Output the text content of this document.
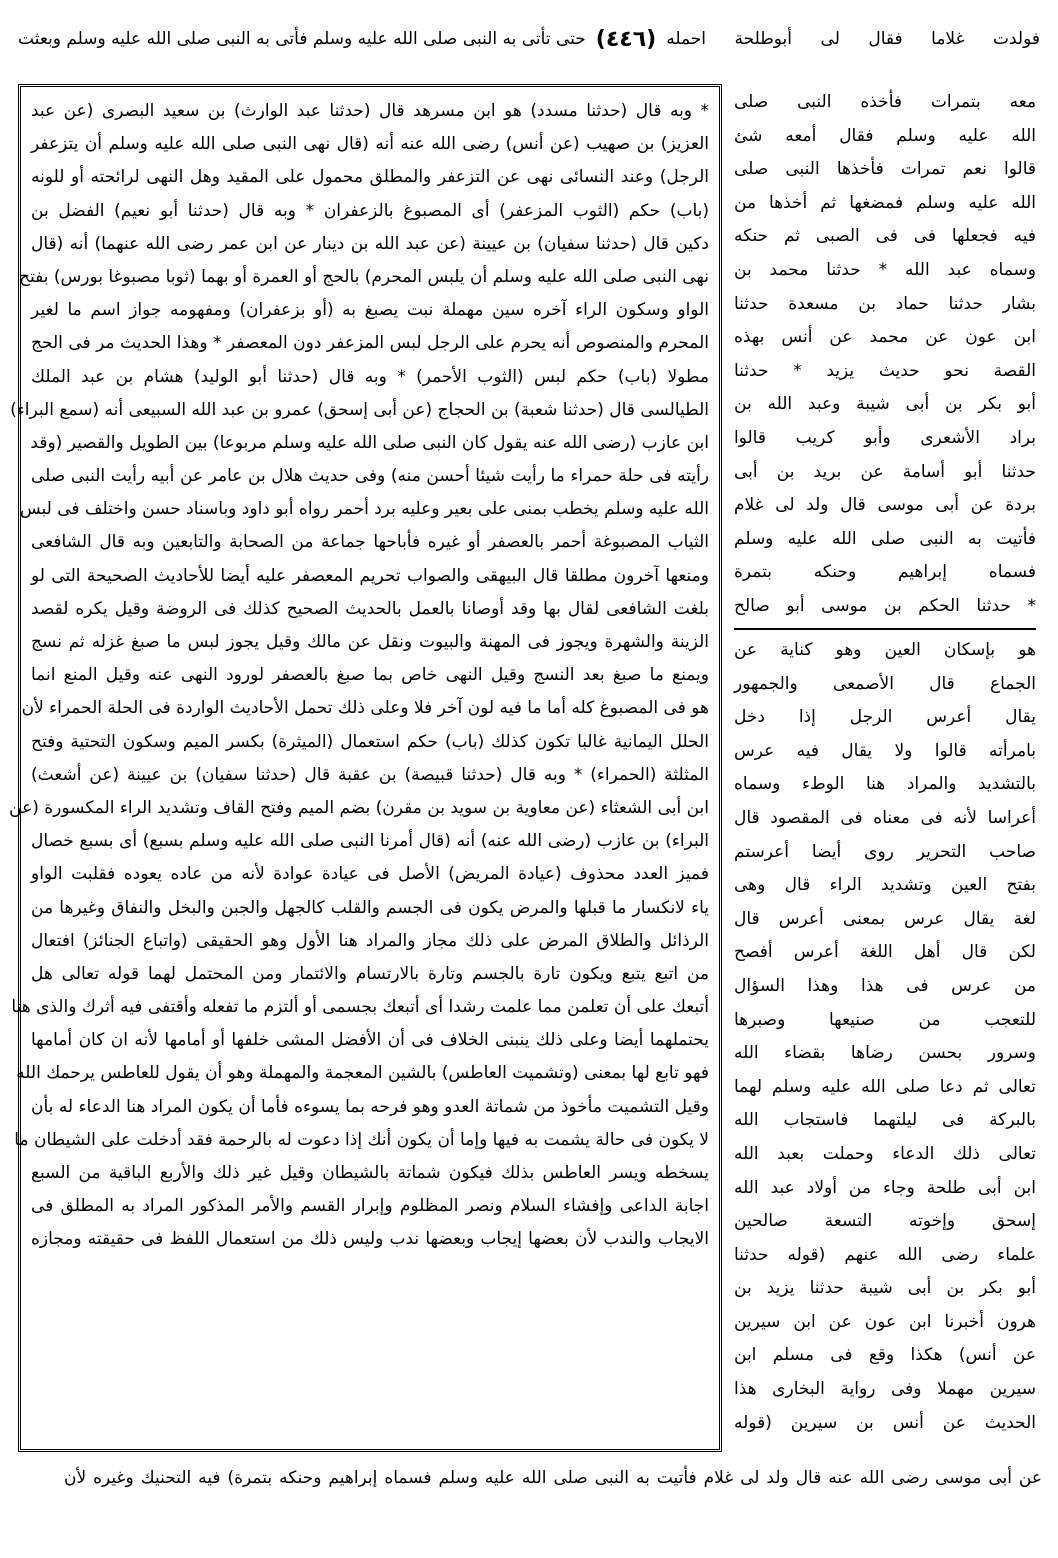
فولدت غلاما فقال لى أبوطلحة احمله
(٤٤٦)
حتى تأتى به النبى صلى الله عليه وسلم فأتى به النبى صلى الله عليه وسلم وبعثت
* وبه قال (حدثنا مسدد) هو ابن مسرهد قال (حدثنا عبد الوارث) بن سعيد البصرى (عن عبد
العزيز) بن صهيب (عن أنس) رضى الله عنه أنه (قال نهى النبى صلى الله عليه وسلم أن يتزعفر
الرجل) وعند النسائى نهى عن التزعفر والمطلق محمول على المقيد وهل النهى لرائحته أو للونه
(باب) حكم (الثوب المزعفر) أى المصبوغ بالزعفران * وبه قال (حدثنا أبو نعيم) الفضل بن
دكين قال (حدثنا سفيان) بن عيينة (عن عبد الله بن دينار عن ابن عمر رضى الله عنهما) أنه (قال
نهى النبى صلى الله عليه وسلم أن يلبس المحرم) بالحج أو العمرة أو بهما (ثوبا مصبوغا بورس) بفتح
الواو وسكون الراء آخره سين مهملة نبت يصبغ به (أو بزعفران) ومفهومه جواز اسم ما لغير
المحرم والمنصوص أنه يحرم على الرجل لبس المزعفر دون المعصفر * وهذا الحديث مر فى الحج
مطولا (باب) حكم لبس (الثوب الأحمر) * وبه قال (حدثنا أبو الوليد) هشام بن عبد الملك
الطيالسى قال (حدثنا شعبة) بن الحجاج (عن أبى إسحق) عمرو بن عبد الله السبيعى أنه (سمع البراء)
ابن عازب (رضى الله عنه يقول كان النبى صلى الله عليه وسلم مربوعا) بين الطويل والقصير (وقد
رأيته فى حلة حمراء ما رأيت شيئا أحسن منه) وفى حديث هلال بن عامر عن أبيه رأيت النبى صلى
الله عليه وسلم يخطب بمنى على بعير وعليه برد أحمر رواه أبو داود وباسناد حسن واختلف فى لبس
الثياب المصبوغة أحمر بالعصفر أو غيره فأباحها جماعة من الصحابة والتابعين وبه قال الشافعى
ومنعها آخرون مطلقا قال البيهقى والصواب تحريم المعصفر عليه أيضا للأحاديث الصحيحة التى لو
بلغت الشافعى لقال بها وقد أوصانا بالعمل بالحديث الصحيح كذلك فى الروضة وقيل يكره لقصد
الزينة والشهرة ويجوز فى المهنة والبيوت ونقل عن مالك وقيل يجوز لبس ما صبغ غزله ثم نسج
ويمنع ما صبغ بعد النسج وقيل النهى خاص بما صبغ بالعصفر لورود النهى عنه وقيل المنع انما
هو فى المصبوغ كله أما ما فيه لون آخر فلا وعلى ذلك تحمل الأحاديث الواردة فى الحلة الحمراء لأن
الحلل اليمانية غالبا تكون كذلك (باب) حكم استعمال (الميثرة) بكسر الميم وسكون التحتية وفتح
المثلثة (الحمراء) * وبه قال (حدثنا قبيصة) بن عقبة قال (حدثنا سفيان) بن عيينة (عن أشعث)
ابن أبى الشعثاء (عن معاوية بن سويد بن مقرن) بضم الميم وفتح القاف وتشديد الراء المكسورة (عن
البراء) بن عازب (رضى الله عنه) أنه (قال أمرنا النبى صلى الله عليه وسلم بسبع) أى بسبع خصال
فميز العدد محذوف (عيادة المريض) الأصل فى عيادة عوادة لأنه من عاده يعوده فقلبت الواو
ياء لانكسار ما قبلها والمرض يكون فى الجسم والقلب كالجهل والجبن والبخل والنفاق وغيرها من
الرذائل والطلاق المرض على ذلك مجاز والمراد هنا الأول وهو الحقيقى (واتباع الجنائز) افتعال
من اتبع يتبع ويكون تارة بالجسم وتارة بالارتسام والائتمار ومن المحتمل لهما قوله تعالى هل
أتبعك على أن تعلمن مما علمت رشدا أى أتبعك بجسمى أو ألتزم ما تفعله وأقتفى فيه أثرك والذى هنا
يحتملهما أيضا وعلى ذلك ينبنى الخلاف فى أن الأفضل المشى خلفها أو أمامها لأنه ان كان أمامها
فهو تابع لها بمعنى (وتشميت العاطس) بالشين المعجمة والمهملة وهو أن يقول للعاطس يرحمك الله
وقيل التشميت مأخوذ من شماتة العدو وهو فرحه بما يسوءه فأما أن يكون المراد هنا الدعاء له بأن
لا يكون فى حالة يشمت به فيها وإما أن يكون أنك إذا دعوت له بالرحمة فقد أدخلت على الشيطان ما
يسخطه ويسر العاطس بذلك فيكون شماتة بالشيطان وقيل غير ذلك والأربع الباقية من السبع
اجابة الداعى وإفشاء السلام ونصر المظلوم وإبرار القسم والأمر المذكور المراد به المطلق فى
الايجاب والندب لأن بعضها إيجاب وبعضها ندب وليس ذلك من استعمال اللفظ فى حقيقته ومجازه
معه بتمرات فأخذه النبى صلى
الله عليه وسلم فقال أمعه شئ
قالوا نعم تمرات فأخذها النبى صلى
الله عليه وسلم فمضغها ثم أخذها من
فيه فجعلها فى فى الصبى ثم حنكه
وسماه عبد الله * حدثنا محمد بن
بشار حدثنا حماد بن مسعدة حدثنا
ابن عون عن محمد عن أنس بهذه
القصة نحو حديث يزيد * حدثنا
أبو بكر بن أبى شيبة وعبد الله بن
براد الأشعرى وأبو كريب قالوا
حدثنا أبو أسامة عن بريد بن أبى
بردة عن أبى موسى قال ولد لى غلام
فأتيت به النبى صلى الله عليه وسلم
فسماه إبراهيم وحنكه بتمرة
* حدثنا الحكم بن موسى أبو صالح
هو بإسكان العين وهو كناية عن
الجماع قال الأصمعى والجمهور
يقال أعرس الرجل إذا دخل
بامرأته قالوا ولا يقال فيه عرس
بالتشديد والمراد هنا الوطء وسماه
أعراسا لأنه فى معناه فى المقصود قال
صاحب التحرير روى أيضا أعرستم
بفتح العين وتشديد الراء قال وهى
لغة يقال عرس بمعنى أعرس قال
لكن قال أهل اللغة أعرس أفصح
من عرس فى هذا وهذا السؤال
للتعجب من صنيعها وصبرها
وسرور بحسن رضاها بقضاء الله
تعالى ثم دعا صلى الله عليه وسلم لهما
بالبركة فى ليلتهما فاستجاب الله
تعالى ذلك الدعاء وحملت بعبد الله
ابن أبى طلحة وجاء من أولاد عبد الله
إسحق وإخوته التسعة صالحين
علماء رضى الله عنهم (قوله حدثنا
أبو بكر بن أبى شيبة حدثنا يزيد بن
هرون أخبرنا ابن عون عن ابن سيرين
عن أنس) هكذا وقع فى مسلم ابن
سيرين مهملا وفى رواية البخارى هذا
الحديث عن أنس بن سيرين (قوله
عن أبى موسى رضى الله عنه قال ولد لى غلام فأتيت به النبى صلى الله عليه وسلم فسماه إبراهيم وحنكه بتمرة) فيه التحنيك وغيره لأن
